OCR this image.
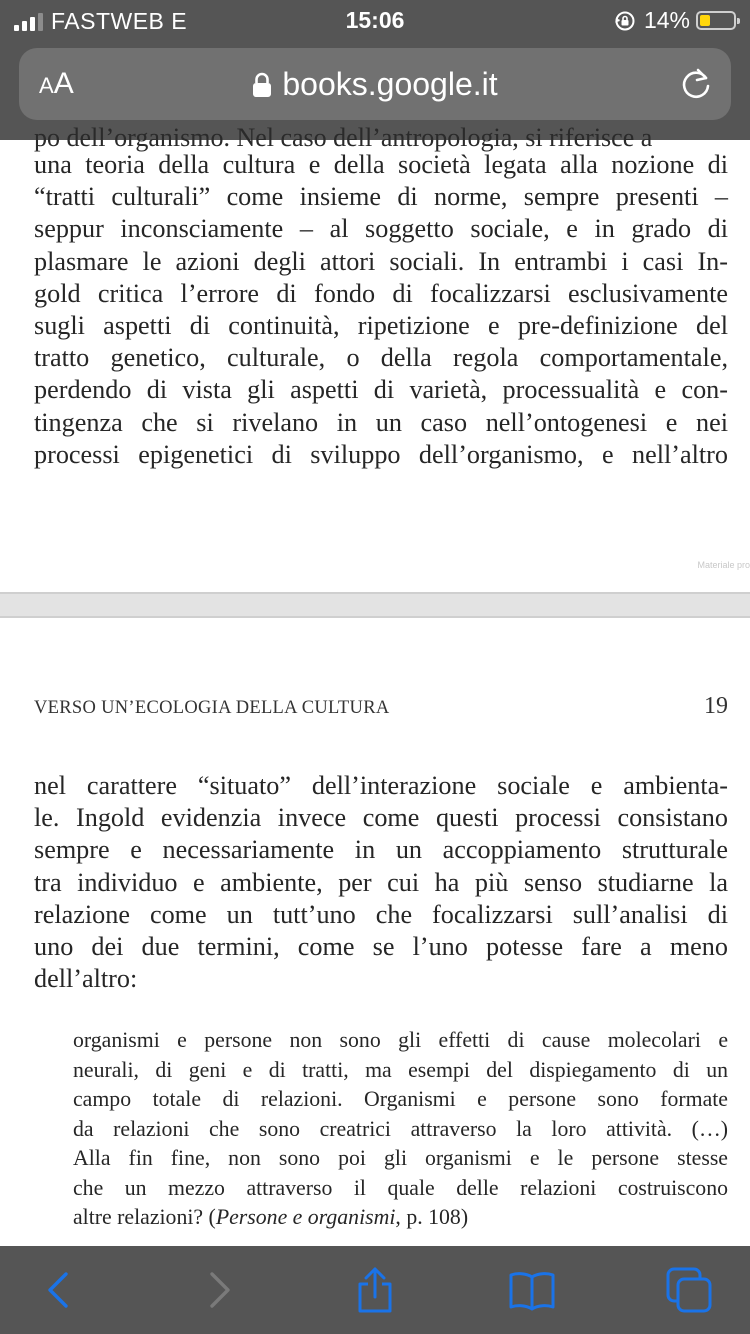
FASTWEB E	15:06	14%
AA	books.google.it
po dell’organismo. Nel caso dell’antropologia, si riferisce a
una teoria della cultura e della società legata alla nozione di
“tratti culturali” come insieme di norme, sempre presenti –
seppur inconsciamente – al soggetto sociale, e in grado di
plasmare le azioni degli attori sociali. In entrambi i casi In-
gold critica l’errore di fondo di focalizzarsi esclusivamente
sugli aspetti di continuità, ripetizione e pre-definizione del
tratto genetico, culturale, o della regola comportamentale,
perdendo di vista gli aspetti di varietà, processualità e con-
tingenza che si rivelano in un caso nell’ontogenesi e nei
processi epigenetici di sviluppo dell’organismo, e nell’altro
Materiale pro
VERSO UN’ECOLOGIA DELLA CULTURA	19
nel carattere “situato” dell’interazione sociale e ambienta-
le. Ingold evidenzia invece come questi processi consistano
sempre e necessariamente in un accoppiamento strutturale
tra individuo e ambiente, per cui ha più senso studiarne la
relazione come un tutt’uno che focalizzarsi sull’analisi di
uno dei due termini, come se l’uno potesse fare a meno
dell’altro:
organismi e persone non sono gli effetti di cause molecolari e
neurali, di geni e di tratti, ma esempi del dispiegamento di un
campo totale di relazioni. Organismi e persone sono formate
da relazioni che sono creatrici attraverso la loro attività. (…)
Alla fin fine, non sono poi gli organismi e le persone stesse
che un mezzo attraverso il quale delle relazioni costruiscono
altre relazioni? (Persone e organismi, p. 108)
